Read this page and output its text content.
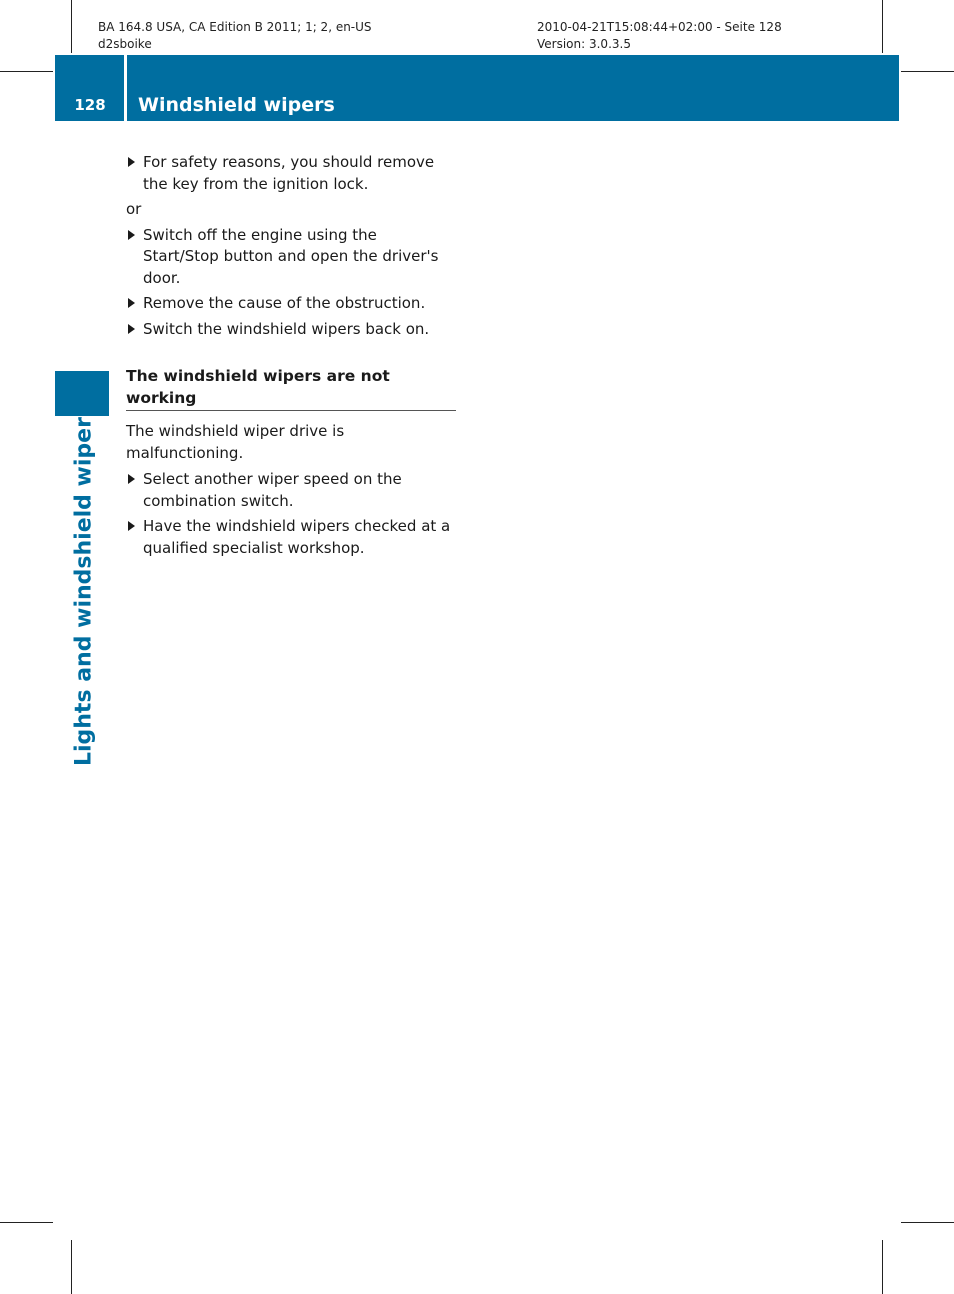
BA 164.8 USA, CA Edition B 2011; 1; 2, en-US
d2sboike
2010-04-21T15:08:44+02:00 - Seite 128
Version: 3.0.3.5
128	Windshield wipers
Lights and windshield wipers
For safety reasons, you should remove the key from the ignition lock.
or
Switch off the engine using the Start/Stop button and open the driver's door.
Remove the cause of the obstruction.
Switch the windshield wipers back on.
The windshield wipers are not working
The windshield wiper drive is malfunctioning.
Select another wiper speed on the combination switch.
Have the windshield wipers checked at a qualified specialist workshop.
